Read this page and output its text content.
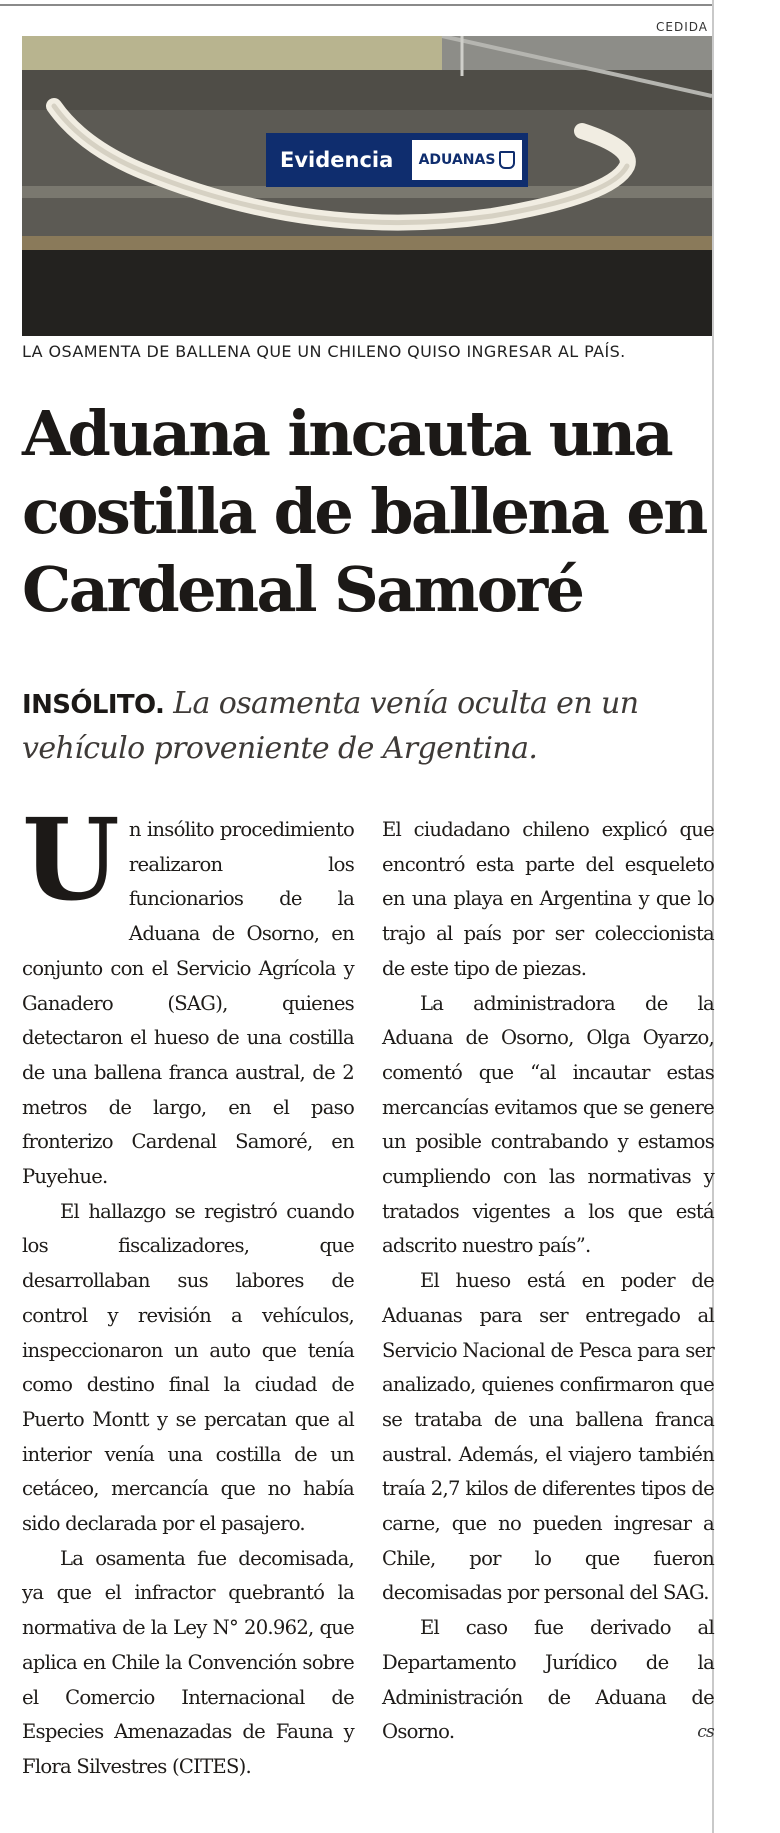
CEDIDA
Evidencia	ADUANAS
LA OSAMENTA DE BALLENA QUE UN CHILENO QUISO INGRESAR AL PAÍS.
Aduana incauta una costilla de ballena en Cardenal Samoré
INSÓLITO. La osamenta venía oculta en un vehículo proveniente de Argentina.

U n insólito procedimiento realizaron los funcionarios de la Aduana de Osorno, en conjunto con el Servicio Agrícola y Ganadero (SAG), quienes detectaron el hueso de una costilla de una ballena franca austral, de 2 metros de largo, en el paso fronterizo Cardenal Samoré, en Puyehue.

El hallazgo se registró cuando los fiscalizadores, que desarrollaban sus labores de control y revisión a vehículos, inspeccionaron un auto que tenía como destino final la ciudad de Puerto Montt y se percatan que al interior venía una costilla de un cetáceo, mercancía que no había sido declarada por el pasajero.

La osamenta fue decomisada, ya que el infractor quebrantó la normativa de la Ley N° 20.962, que aplica en Chile la Convención sobre el Comercio Internacional de Especies Amenazadas de Fauna y Flora Silvestres (CITES).

El ciudadano chileno explicó que encontró esta parte del esqueleto en una playa en Argentina y que lo trajo al país por ser coleccionista de este tipo de piezas.

La administradora de la Aduana de Osorno, Olga Oyarzo, comentó que “al incautar estas mercancías evitamos que se genere un posible contrabando y estamos cumpliendo con las normativas y tratados vigentes a los que está adscrito nuestro país”.

El hueso está en poder de Aduanas para ser entregado al Servicio Nacional de Pesca para ser analizado, quienes confirmaron que se trataba de una ballena franca austral. Además, el viajero también traía 2,7 kilos de diferentes tipos de carne, que no pueden ingresar a Chile, por lo que fueron decomisadas por personal del SAG.

El caso fue derivado al Departamento Jurídico de la Administración de Aduana de Osorno.	cs
